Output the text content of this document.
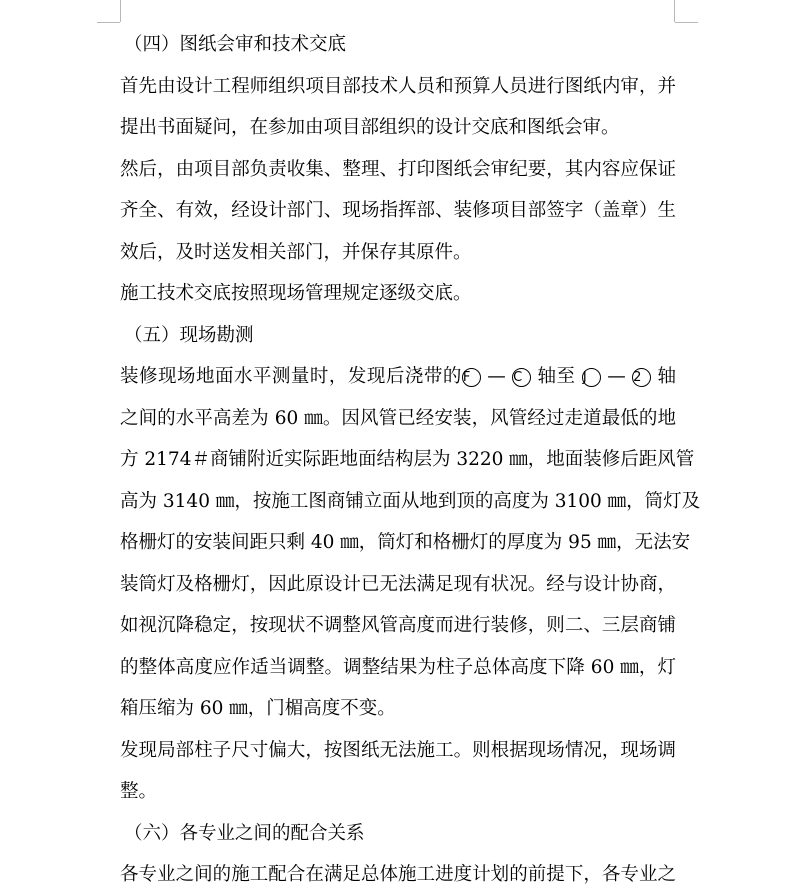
（四）图纸会审和技术交底
首先由设计工程师组织项目部技术人员和预算人员进行图纸内审，并
提出书面疑问，在参加由项目部组织的设计交底和图纸会审。
然后，由项目部负责收集、整理、打印图纸会审纪要，其内容应保证
齐全、有效，经设计部门、现场指挥部、装修项目部签字（盖章）生
效后，及时送发相关部门，并保存其原件。
施工技术交底按照现场管理规定逐级交底。
（五）现场勘测
装修现场地面水平测量时，发现后浇带的F — C 轴至 J — 2 轴
之间的水平高差为 60 ㎜。因风管已经安装，风管经过走道最低的地
方 2174＃商铺附近实际距地面结构层为 3220 ㎜，地面装修后距风管
高为 3140 ㎜，按施工图商铺立面从地到顶的高度为 3100 ㎜，筒灯及
格栅灯的安装间距只剩 40 ㎜，筒灯和格栅灯的厚度为 95 ㎜，无法安
装筒灯及格栅灯，因此原设计已无法满足现有状况。经与设计协商，
如视沉降稳定，按现状不调整风管高度而进行装修，则二、三层商铺
的整体高度应作适当调整。调整结果为柱子总体高度下降 60 ㎜，灯
箱压缩为 60 ㎜，门楣高度不变。
发现局部柱子尺寸偏大，按图纸无法施工。则根据现场情况，现场调
整。
（六）各专业之间的配合关系
各专业之间的施工配合在满足总体施工进度计划的前提下，各专业之
